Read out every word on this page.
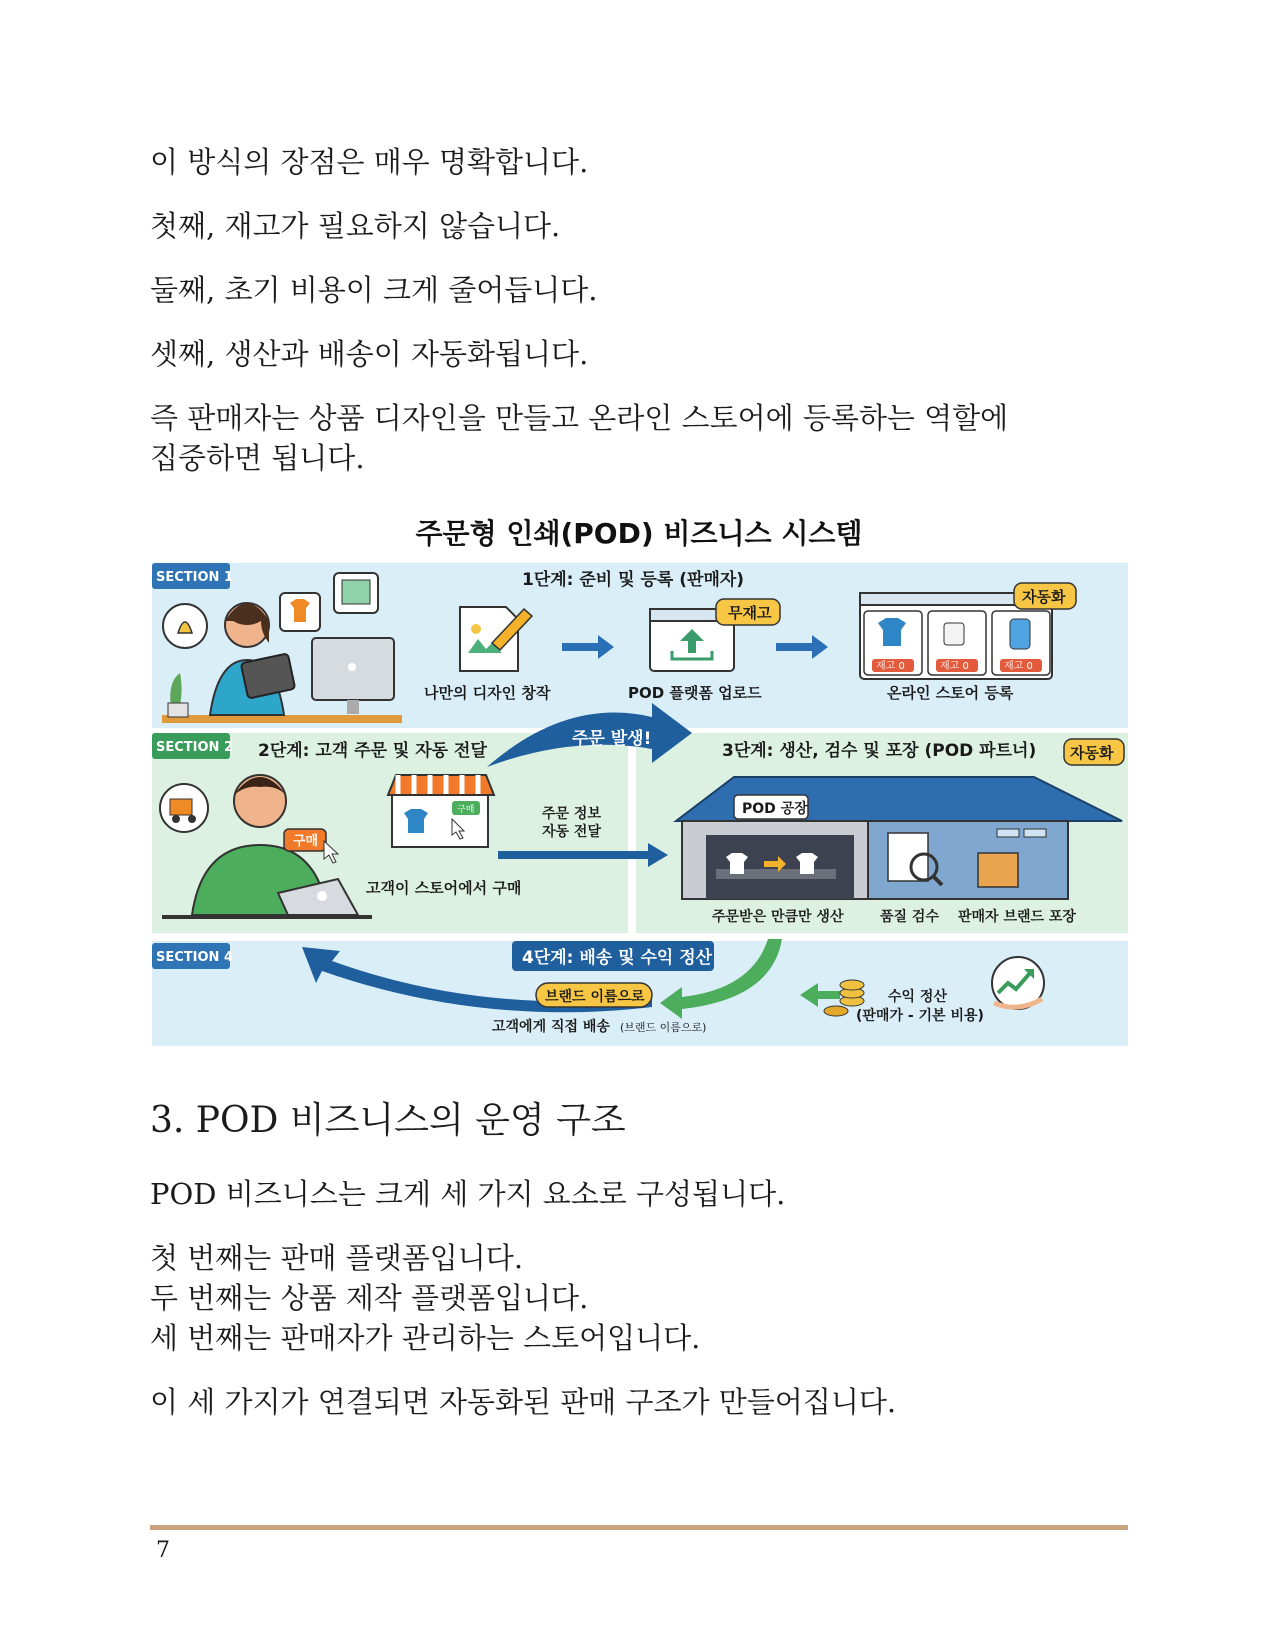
이 방식의 장점은 매우 명확합니다.

첫째, 재고가 필요하지 않습니다.

둘째, 초기 비용이 크게 줄어듭니다.

셋째, 생산과 배송이 자동화됩니다.

즉 판매자는 상품 디자인을 만들고 온라인 스토어에 등록하는 역할에

집중하면 됩니다.

주문형 인쇄(POD) 비즈니스 시스템
SECTION 1	1단계: 준비 및 등록 (판매자)
나만의 디자인 창작
무재고
POD 플랫폼 업로드
재고 0	재고 0	재고 0
자동화
온라인 스토어 등록
SECTION 2 2단계: 고객 주문 및 자동 전달
주문 발생!
구매
구매
고객이 스토어에서 구매
주문 정보
자동 전달
3단계: 생산, 검수 및 포장 (POD 파트너) 자동화
POD 공장
주문받은 만큼만 생산	품질 검수 판매자 브랜드 포장
SECTION 4	4단계: 배송 및 수익 정산
브랜드 이름으로
고객에게 직접 배송 (브랜드 이름으로)
수익 정산
(판매가 - 기본 비용)
3. POD 비즈니스의 운영 구조

POD 비즈니스는 크게 세 가지 요소로 구성됩니다.

첫 번째는 판매 플랫폼입니다.

두 번째는 상품 제작 플랫폼입니다.

세 번째는 판매자가 관리하는 스토어입니다.

이 세 가지가 연결되면 자동화된 판매 구조가 만들어집니다.

7
